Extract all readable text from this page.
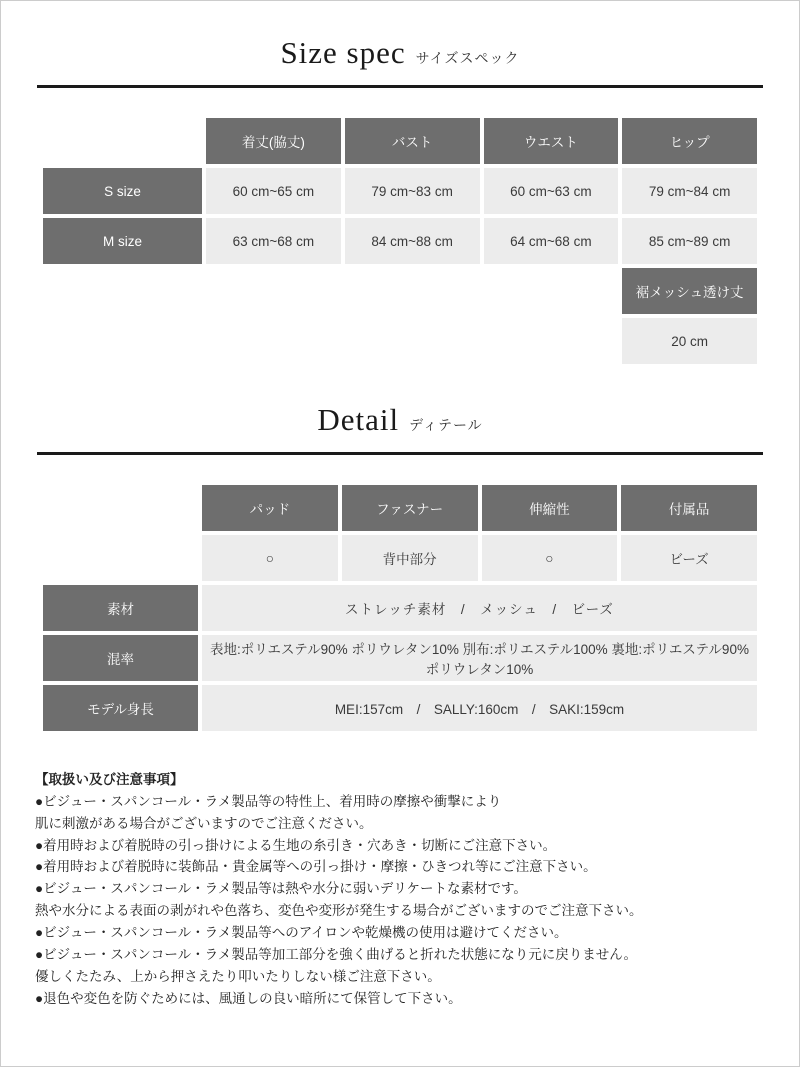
Size spec サイズスペック
	着丈(脇丈)	バスト	ウエスト	ヒップ
S size	60 cm~65 cm	79 cm~83 cm	60 cm~63 cm	79 cm~84 cm
M size	63 cm~68 cm	84 cm~88 cm	64 cm~68 cm	85 cm~89 cm
				裾メッシュ透け丈
				20 cm
Detail ディテール
	パッド	ファスナー	伸縮性	付属品
	○	背中部分	○	ビーズ
素材	ストレッチ素材　/　メッシュ　/　ビーズ			
混率	表地:ポリエステル90% ポリウレタン10% 別布:ポリエステル100% 裏地:ポリエステル90% ポリウレタン10%			
モデル身長	MEI:157cm　/　SALLY:160cm　/　SAKI:159cm			
【取扱い及び注意事項】
●ビジュー・スパンコール・ラメ製品等の特性上、着用時の摩擦や衝撃により
肌に刺激がある場合がございますのでご注意ください。
●着用時および着脱時の引っ掛けによる生地の糸引き・穴あき・切断にご注意下さい。
●着用時および着脱時に装飾品・貴金属等への引っ掛け・摩擦・ひきつれ等にご注意下さい。
●ビジュー・スパンコール・ラメ製品等は熱や水分に弱いデリケートな素材です。
熱や水分による表面の剥がれや色落ち、変色や変形が発生する場合がございますのでご注意下さい。
●ビジュー・スパンコール・ラメ製品等へのアイロンや乾燥機の使用は避けてください。
●ビジュー・スパンコール・ラメ製品等加工部分を強く曲げると折れた状態になり元に戻りません。
優しくたたみ、上から押さえたり叩いたりしない様ご注意下さい。
●退色や変色を防ぐためには、風通しの良い暗所にて保管して下さい。
